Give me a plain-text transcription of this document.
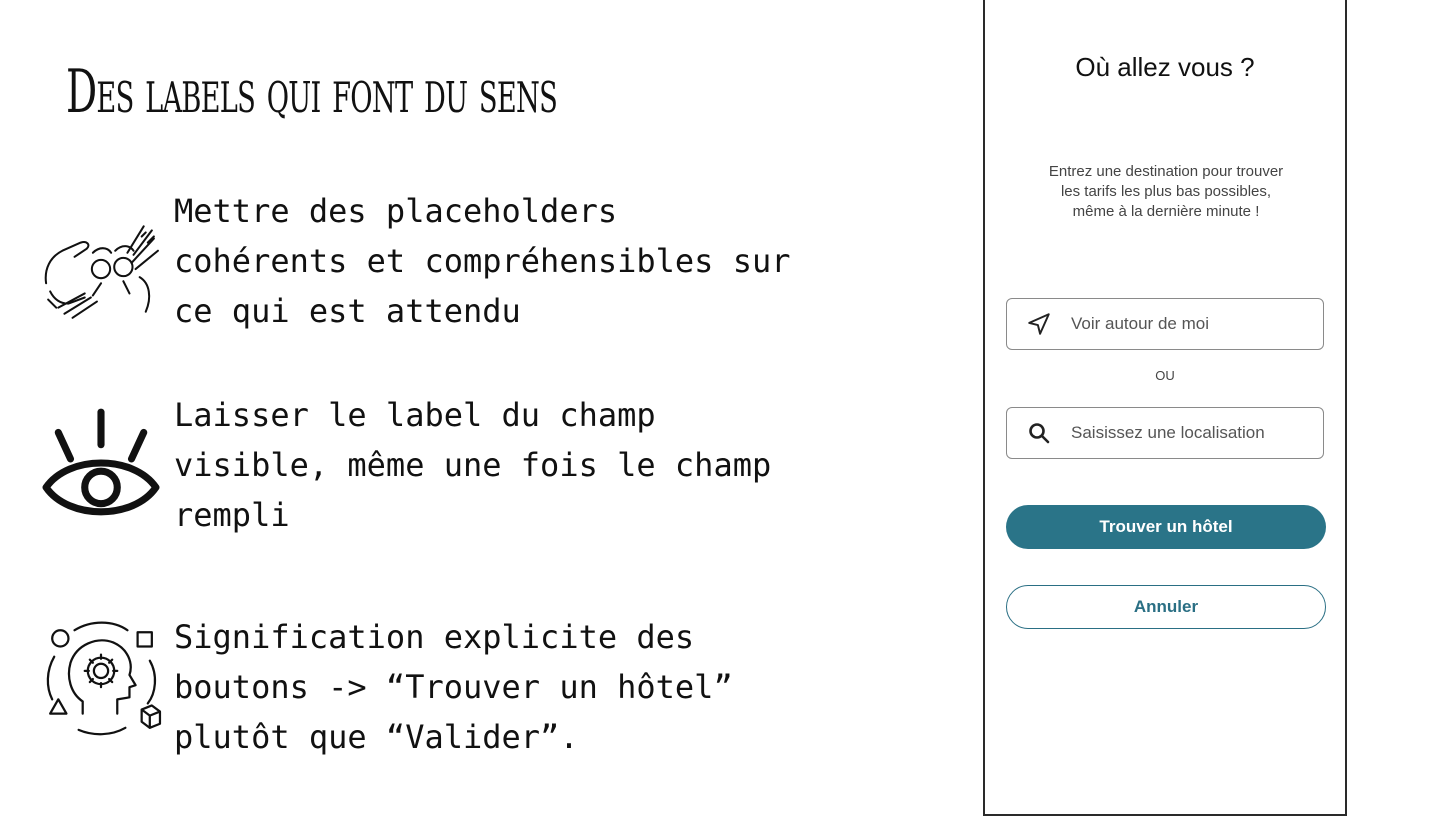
Des labels qui font du sens

Mettre des placeholders
cohérents et compréhensibles sur
ce qui est attendu

Laisser le label du champ
visible, même une fois le champ
rempli

Signification explicite des
boutons -> “Trouver un hôtel”
plutôt que “Valider”.

Où allez vous ?
Entrez une destination pour trouver
les tarifs les plus bas possibles,
même à la dernière minute !
Voir autour de moi
OU
Saisissez une localisation
Trouver un hôtel
Annuler
